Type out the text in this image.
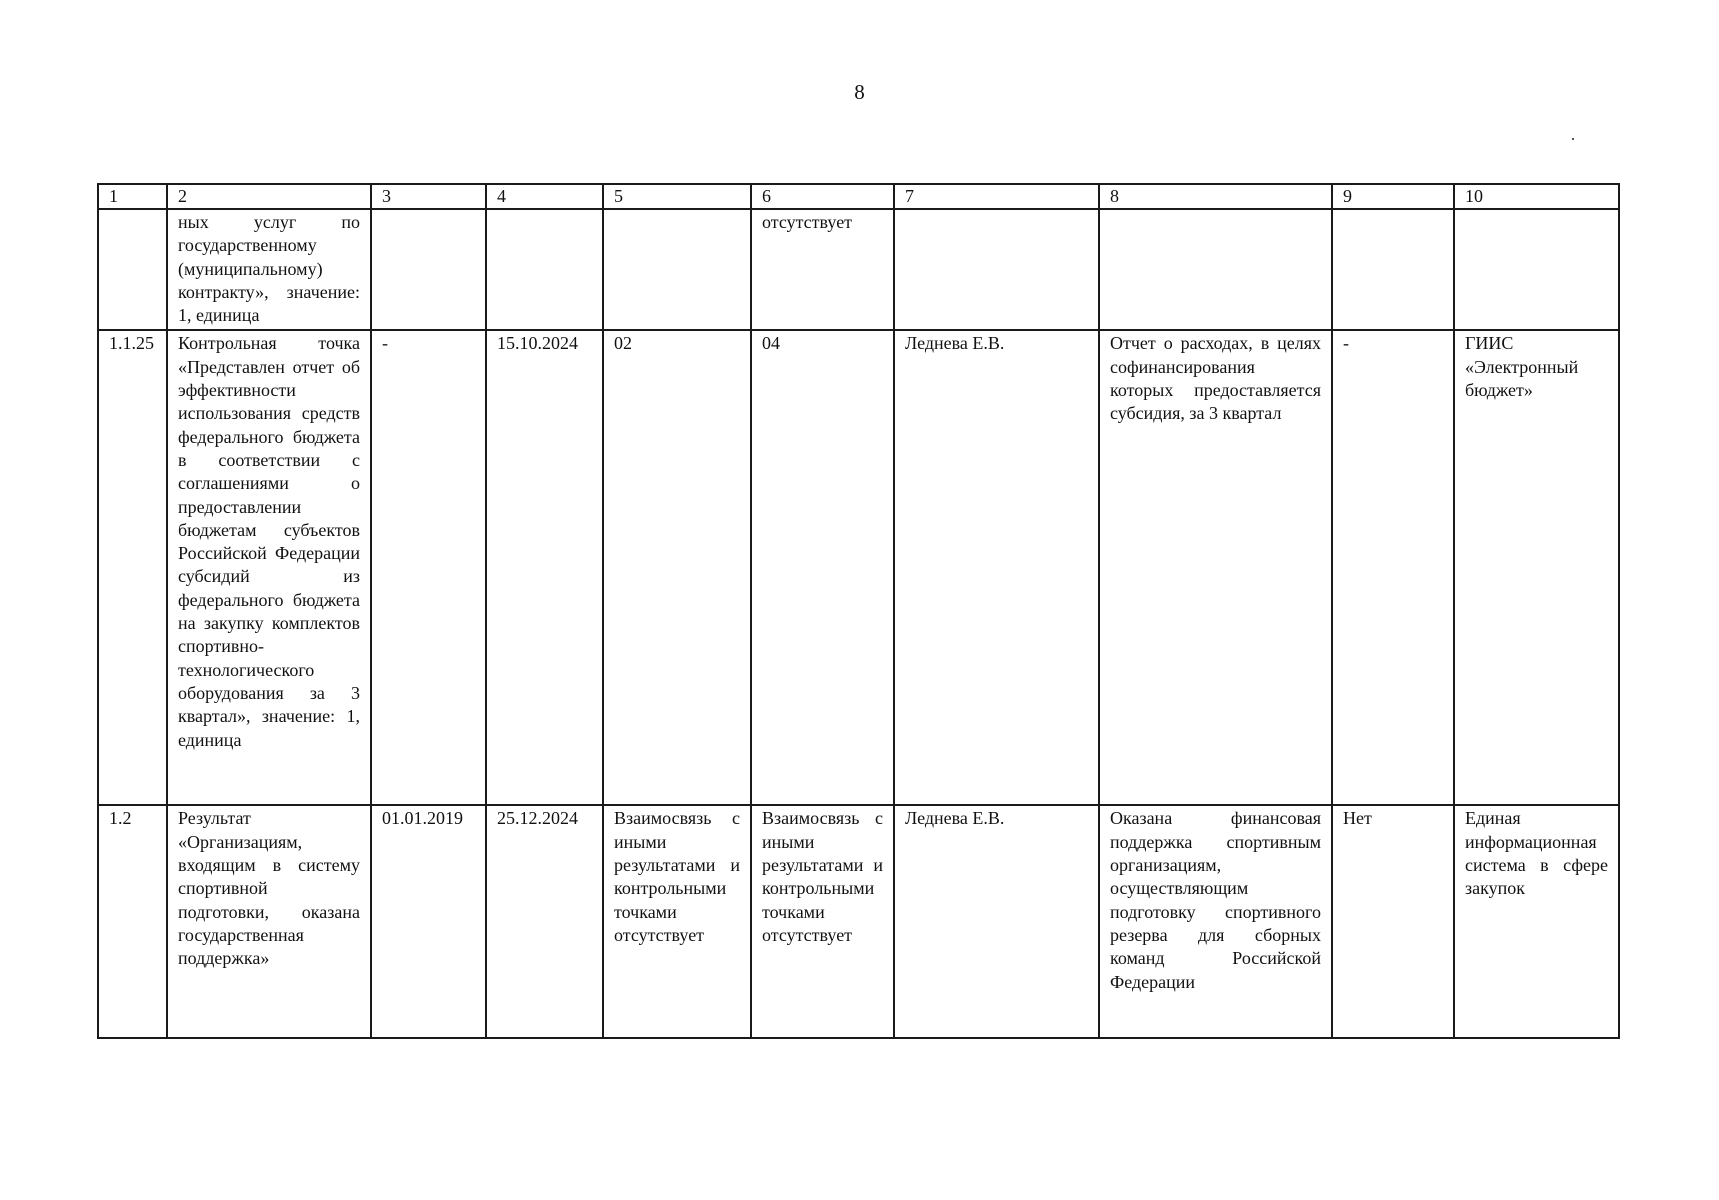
8
1	2	3	4	5	6	7	8	9	10
	ных услуг по государственному (муниципальному) контракту», значение: 1, единица				отсутствует				
1.1.25	Контрольная точка «Представлен отчет об эффективности использования средств федерального бюджета в соответствии с соглашениями о предоставлении бюджетам субъектов Российской Федерации субсидий из федерального бюджета на закупку комплектов спортивно-технологического оборудования за 3 квартал», значение: 1, единица	-	15.10.2024	02	04	Леднева Е.В.	Отчет о расходах, в целях софинансирования которых предоставляется субсидия, за 3 квартал	-	ГИИС «Электронный бюджет»
1.2	Результат «Организациям, входящим в систему спортивной подготовки, оказана государственная поддержка»	01.01.2019	25.12.2024	Взаимосвязь с иными результатами и контрольными точками отсутствует	Взаимосвязь с иными результатами и контрольными точками отсутствует	Леднева Е.В.	Оказана финансовая поддержка спортивным организациям, осуществляющим подготовку спортивного резерва для сборных команд Российской Федерации	Нет	Единая информационная система в сфере закупок
